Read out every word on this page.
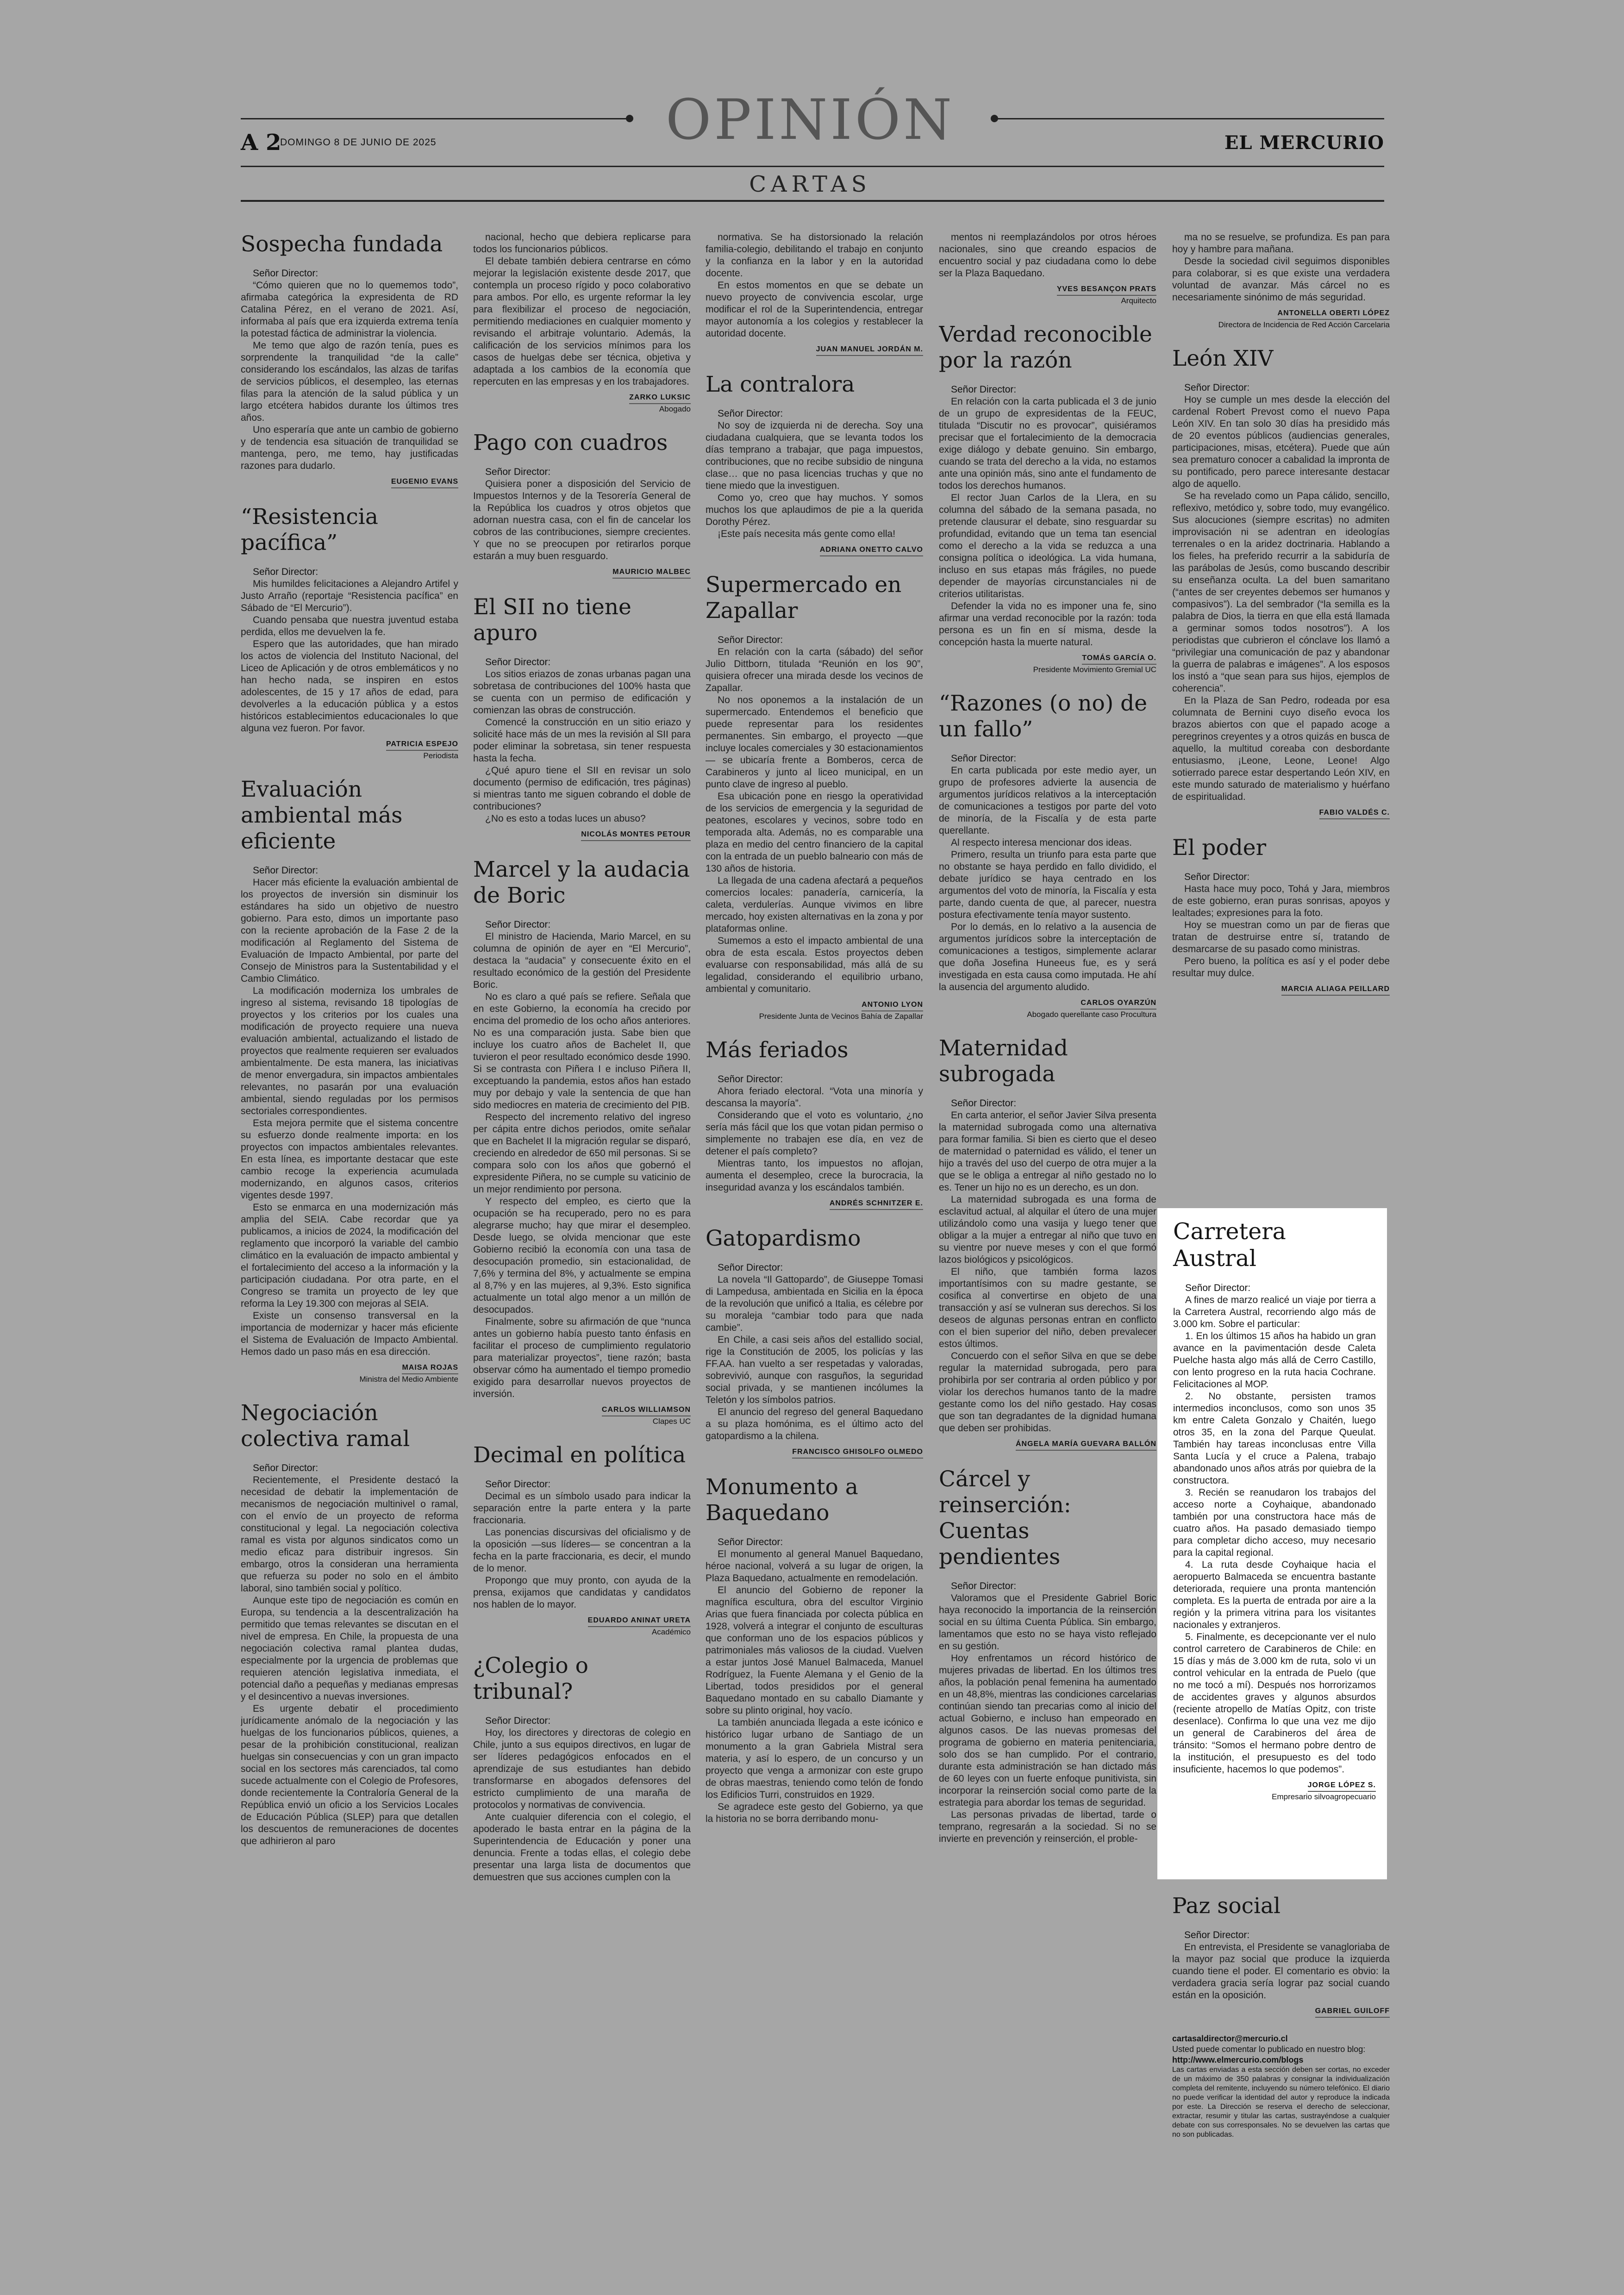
OPINIÓN
A 2
DOMINGO 8 DE JUNIO DE 2025	EL MERCURIO
CARTAS
Sospecha fundada

Señor Director:

“Cómo quieren que no lo quememos todo”, afirmaba categórica la expresidenta de RD Catalina Pérez, en el verano de 2021. Así, informaba al país que era izquierda extrema tenía la potestad fáctica de administrar la violencia.

Me temo que algo de razón tenía, pues es sorprendente la tranquilidad “de la calle” considerando los escándalos, las alzas de tarifas de servicios públicos, el desempleo, las eternas filas para la atención de la salud pública y un largo etcétera habidos durante los últimos tres años.

Uno esperaría que ante un cambio de gobierno y de tendencia esa situación de tranquilidad se mantenga, pero, me temo, hay justificadas razones para dudarlo.

EUGENIO EVANS
“Resistencia pacífica”

Señor Director:

Mis humildes felicitaciones a Alejandro Artifel y Justo Arraño (reportaje “Resistencia pacífica” en Sábado de “El Mercurio”).

Cuando pensaba que nuestra juventud estaba perdida, ellos me devuelven la fe.

Espero que las autoridades, que han mirado los actos de violencia del Instituto Nacional, del Liceo de Aplicación y de otros emblemáticos y no han hecho nada, se inspiren en estos adolescentes, de 15 y 17 años de edad, para devolverles a la educación pública y a estos históricos establecimientos educacionales lo que alguna vez fueron. Por favor.

PATRICIA ESPEJO
Periodista
Evaluación ambiental más eficiente

Señor Director:

Hacer más eficiente la evaluación ambiental de los proyectos de inversión sin disminuir los estándares ha sido un objetivo de nuestro gobierno. Para esto, dimos un importante paso con la reciente aprobación de la Fase 2 de la modificación al Reglamento del Sistema de Evaluación de Impacto Ambiental, por parte del Consejo de Ministros para la Sustentabilidad y el Cambio Climático.

La modificación moderniza los umbrales de ingreso al sistema, revisando 18 tipologías de proyectos y los criterios por los cuales una modificación de proyecto requiere una nueva evaluación ambiental, actualizando el listado de proyectos que realmente requieren ser evaluados ambientalmente. De esta manera, las iniciativas de menor envergadura, sin impactos ambientales relevantes, no pasarán por una evaluación ambiental, siendo reguladas por los permisos sectoriales correspondientes.

Esta mejora permite que el sistema concentre su esfuerzo donde realmente importa: en los proyectos con impactos ambientales relevantes. En esta línea, es importante destacar que este cambio recoge la experiencia acumulada modernizando, en algunos casos, criterios vigentes desde 1997.

Esto se enmarca en una modernización más amplia del SEIA. Cabe recordar que ya publicamos, a inicios de 2024, la modificación del reglamento que incorporó la variable del cambio climático en la evaluación de impacto ambiental y el fortalecimiento del acceso a la información y la participación ciudadana. Por otra parte, en el Congreso se tramita un proyecto de ley que reforma la Ley 19.300 con mejoras al SEIA.

Existe un consenso transversal en la importancia de modernizar y hacer más eficiente el Sistema de Evaluación de Impacto Ambiental. Hemos dado un paso más en esa dirección.

MAISA ROJAS
Ministra del Medio Ambiente
Negociación colectiva ramal

Señor Director:

Recientemente, el Presidente destacó la necesidad de debatir la implementación de mecanismos de negociación multinivel o ramal, con el envío de un proyecto de reforma constitucional y legal. La negociación colectiva ramal es vista por algunos sindicatos como un medio eficaz para distribuir ingresos. Sin embargo, otros la consideran una herramienta que refuerza su poder no solo en el ámbito laboral, sino también social y político.

Aunque este tipo de negociación es común en Europa, su tendencia a la descentralización ha permitido que temas relevantes se discutan en el nivel de empresa. En Chile, la propuesta de una negociación colectiva ramal plantea dudas, especialmente por la urgencia de problemas que requieren atención legislativa inmediata, el potencial daño a pequeñas y medianas empresas y el desincentivo a nuevas inversiones.

Es urgente debatir el procedimiento jurídicamente anómalo de la negociación y las huelgas de los funcionarios públicos, quienes, a pesar de la prohibición constitucional, realizan huelgas sin consecuencias y con un gran impacto social en los sectores más carenciados, tal como sucede actualmente con el Colegio de Profesores, donde recientemente la Contraloría General de la República envió un oficio a los Servicios Locales de Educación Pública (SLEP) para que detallen los descuentos de remuneraciones de docentes que adhirieron al paro

nacional, hecho que debiera replicarse para todos los funcionarios públicos.

El debate también debiera centrarse en cómo mejorar la legislación existente desde 2017, que contempla un proceso rígido y poco colaborativo para ambos. Por ello, es urgente reformar la ley para flexibilizar el proceso de negociación, permitiendo mediaciones en cualquier momento y revisando el arbitraje voluntario. Además, la calificación de los servicios mínimos para los casos de huelgas debe ser técnica, objetiva y adaptada a los cambios de la economía que repercuten en las empresas y en los trabajadores.

ZARKO LUKSIC
Abogado
Pago con cuadros

Señor Director:

Quisiera poner a disposición del Servicio de Impuestos Internos y de la Tesorería General de la República los cuadros y otros objetos que adornan nuestra casa, con el fin de cancelar los cobros de las contribuciones, siempre crecientes. Y que no se preocupen por retirarlos porque estarán a muy buen resguardo.

MAURICIO MALBEC
El SII no tiene apuro

Señor Director:

Los sitios eriazos de zonas urbanas pagan una sobretasa de contribuciones del 100% hasta que se cuenta con un permiso de edificación y comienzan las obras de construcción.

Comencé la construcción en un sitio eriazo y solicité hace más de un mes la revisión al SII para poder eliminar la sobretasa, sin tener respuesta hasta la fecha.

¿Qué apuro tiene el SII en revisar un solo documento (permiso de edificación, tres páginas) si mientras tanto me siguen cobrando el doble de contribuciones?

¿No es esto a todas luces un abuso?

NICOLÁS MONTES PETOUR
Marcel y la audacia de Boric

Señor Director:

El ministro de Hacienda, Mario Marcel, en su columna de opinión de ayer en “El Mercurio”, destaca la “audacia” y consecuente éxito en el resultado económico de la gestión del Presidente Boric.

No es claro a qué país se refiere. Señala que en este Gobierno, la economía ha crecido por encima del promedio de los ocho años anteriores. No es una comparación justa. Sabe bien que incluye los cuatro años de Bachelet II, que tuvieron el peor resultado económico desde 1990. Si se contrasta con Piñera I e incluso Piñera II, exceptuando la pandemia, estos años han estado muy por debajo y vale la sentencia de que han sido mediocres en materia de crecimiento del PIB.

Respecto del incremento relativo del ingreso per cápita entre dichos periodos, omite señalar que en Bachelet II la migración regular se disparó, creciendo en alrededor de 650 mil personas. Si se compara solo con los años que gobernó el expresidente Piñera, no se cumple su vaticinio de un mejor rendimiento por persona.

Y respecto del empleo, es cierto que la ocupación se ha recuperado, pero no es para alegrarse mucho; hay que mirar el desempleo. Desde luego, se olvida mencionar que este Gobierno recibió la economía con una tasa de desocupación promedio, sin estacionalidad, de 7,6% y termina del 8%, y actualmente se empina al 8,7% y en las mujeres, al 9,3%. Esto significa actualmente un total algo menor a un millón de desocupados.

Finalmente, sobre su afirmación de que “nunca antes un gobierno había puesto tanto énfasis en facilitar el proceso de cumplimiento regulatorio para materializar proyectos”, tiene razón; basta observar cómo ha aumentado el tiempo promedio exigido para desarrollar nuevos proyectos de inversión.

CARLOS WILLIAMSON
Clapes UC
Decimal en política

Señor Director:

Decimal es un símbolo usado para indicar la separación entre la parte entera y la parte fraccionaria.

Las ponencias discursivas del oficialismo y de la oposición —sus líderes— se concentran a la fecha en la parte fraccionaria, es decir, el mundo de lo menor.

Propongo que muy pronto, con ayuda de la prensa, exijamos que candidatas y candidatos nos hablen de lo mayor.

EDUARDO ANINAT URETA
Académico
¿Colegio o tribunal?

Señor Director:

Hoy, los directores y directoras de colegio en Chile, junto a sus equipos directivos, en lugar de ser líderes pedagógicos enfocados en el aprendizaje de sus estudiantes han debido transformarse en abogados defensores del estricto cumplimiento de una maraña de protocolos y normativas de convivencia.

Ante cualquier diferencia con el colegio, el apoderado le basta entrar en la página de la Superintendencia de Educación y poner una denuncia. Frente a todas ellas, el colegio debe presentar una larga lista de documentos que demuestren que sus acciones cumplen con la

normativa. Se ha distorsionado la relación familia-colegio, debilitando el trabajo en conjunto y la confianza en la labor y en la autoridad docente.

En estos momentos en que se debate un nuevo proyecto de convivencia escolar, urge modificar el rol de la Superintendencia, entregar mayor autonomía a los colegios y restablecer la autoridad docente.

JUAN MANUEL JORDÁN M.
La contralora

Señor Director:

No soy de izquierda ni de derecha. Soy una ciudadana cualquiera, que se levanta todos los días temprano a trabajar, que paga impuestos, contribuciones, que no recibe subsidio de ninguna clase… que no pasa licencias truchas y que no tiene miedo que la investiguen.

Como yo, creo que hay muchos. Y somos muchos los que aplaudimos de pie a la querida Dorothy Pérez.

¡Este país necesita más gente como ella!

ADRIANA ONETTO CALVO
Supermercado en Zapallar

Señor Director:

En relación con la carta (sábado) del señor Julio Dittborn, titulada “Reunión en los 90”, quisiera ofrecer una mirada desde los vecinos de Zapallar.

No nos oponemos a la instalación de un supermercado. Entendemos el beneficio que puede representar para los residentes permanentes. Sin embargo, el proyecto —que incluye locales comerciales y 30 estacionamientos— se ubicaría frente a Bomberos, cerca de Carabineros y junto al liceo municipal, en un punto clave de ingreso al pueblo.

Esa ubicación pone en riesgo la operatividad de los servicios de emergencia y la seguridad de peatones, escolares y vecinos, sobre todo en temporada alta. Además, no es comparable una plaza en medio del centro financiero de la capital con la entrada de un pueblo balneario con más de 130 años de historia.

La llegada de una cadena afectará a pequeños comercios locales: panadería, carnicería, la caleta, verdulerías. Aunque vivimos en libre mercado, hoy existen alternativas en la zona y por plataformas online.

Sumemos a esto el impacto ambiental de una obra de esta escala. Estos proyectos deben evaluarse con responsabilidad, más allá de su legalidad, considerando el equilibrio urbano, ambiental y comunitario.

ANTONIO LYON
Presidente Junta de Vecinos Bahía de Zapallar
Más feriados

Señor Director:

Ahora feriado electoral. “Vota una minoría y descansa la mayoría”.

Considerando que el voto es voluntario, ¿no sería más fácil que los que votan pidan permiso o simplemente no trabajen ese día, en vez de detener el país completo?

Mientras tanto, los impuestos no aflojan, aumenta el desempleo, crece la burocracia, la inseguridad avanza y los escándalos también.

ANDRÉS SCHNITZER E.
Gatopardismo

Señor Director:

La novela “Il Gattopardo”, de Giuseppe Tomasi di Lampedusa, ambientada en Sicilia en la época de la revolución que unificó a Italia, es célebre por su moraleja “cambiar todo para que nada cambie”.

En Chile, a casi seis años del estallido social, rige la Constitución de 2005, los policías y las FF.AA. han vuelto a ser respetadas y valoradas, sobrevivió, aunque con rasguños, la seguridad social privada, y se mantienen incólumes la Teletón y los símbolos patrios.

El anuncio del regreso del general Baquedano a su plaza homónima, es el último acto del gatopardismo a la chilena.

FRANCISCO GHISOLFO OLMEDO
Monumento a Baquedano

Señor Director:

El monumento al general Manuel Baquedano, héroe nacional, volverá a su lugar de origen, la Plaza Baquedano, actualmente en remodelación.

El anuncio del Gobierno de reponer la magnífica escultura, obra del escultor Virginio Arias que fuera financiada por colecta pública en 1928, volverá a integrar el conjunto de esculturas que conforman uno de los espacios públicos y patrimoniales más valiosos de la ciudad. Vuelven a estar juntos José Manuel Balmaceda, Manuel Rodríguez, la Fuente Alemana y el Genio de la Libertad, todos presididos por el general Baquedano montado en su caballo Diamante y sobre su plinto original, hoy vacío.

La también anunciada llegada a este icónico e histórico lugar urbano de Santiago de un monumento a la gran Gabriela Mistral sera materia, y así lo espero, de un concurso y un proyecto que venga a armonizar con este grupo de obras maestras, teniendo como telón de fondo los Edificios Turri, construidos en 1929.

Se agradece este gesto del Gobierno, ya que la historia no se borra derribando monu-

mentos ni reemplazándolos por otros héroes nacionales, sino que creando espacios de encuentro social y paz ciudadana como lo debe ser la Plaza Baquedano.

YVES BESANÇON PRATS
Arquitecto
Verdad reconocible por la razón

Señor Director:

En relación con la carta publicada el 3 de junio de un grupo de expresidentas de la FEUC, titulada “Discutir no es provocar”, quisiéramos precisar que el fortalecimiento de la democracia exige diálogo y debate genuino. Sin embargo, cuando se trata del derecho a la vida, no estamos ante una opinión más, sino ante el fundamento de todos los derechos humanos.

El rector Juan Carlos de la Llera, en su columna del sábado de la semana pasada, no pretende clausurar el debate, sino resguardar su profundidad, evitando que un tema tan esencial como el derecho a la vida se reduzca a una consigna política o ideológica. La vida humana, incluso en sus etapas más frágiles, no puede depender de mayorías circunstanciales ni de criterios utilitaristas.

Defender la vida no es imponer una fe, sino afirmar una verdad reconocible por la razón: toda persona es un fin en sí misma, desde la concepción hasta la muerte natural.

TOMÁS GARCÍA O.
Presidente Movimiento Gremial UC
“Razones (o no) de un fallo”

Señor Director:

En carta publicada por este medio ayer, un grupo de profesores advierte la ausencia de argumentos jurídicos relativos a la interceptación de comunicaciones a testigos por parte del voto de minoría, de la Fiscalía y de esta parte querellante.

Al respecto interesa mencionar dos ideas.

Primero, resulta un triunfo para esta parte que no obstante se haya perdido en fallo dividido, el debate jurídico se haya centrado en los argumentos del voto de minoría, la Fiscalía y esta parte, dando cuenta de que, al parecer, nuestra postura efectivamente tenía mayor sustento.

Por lo demás, en lo relativo a la ausencia de argumentos jurídicos sobre la interceptación de comunicaciones a testigos, simplemente aclarar que doña Josefina Huneeus fue, es y será investigada en esta causa como imputada. He ahí la ausencia del argumento aludido.

CARLOS OYARZÚN
Abogado querellante caso Procultura
Maternidad subrogada

Señor Director:

En carta anterior, el señor Javier Silva presenta la maternidad subrogada como una alternativa para formar familia. Si bien es cierto que el deseo de maternidad o paternidad es válido, el tener un hijo a través del uso del cuerpo de otra mujer a la que se le obliga a entregar al niño gestado no lo es. Tener un hijo no es un derecho, es un don.

La maternidad subrogada es una forma de esclavitud actual, al alquilar el útero de una mujer utilizándolo como una vasija y luego tener que obligar a la mujer a entregar al niño que tuvo en su vientre por nueve meses y con el que formó lazos biológicos y psicológicos.

El niño, que también forma lazos importantísimos con su madre gestante, se cosifica al convertirse en objeto de una transacción y así se vulneran sus derechos. Si los deseos de algunas personas entran en conflicto con el bien superior del niño, deben prevalecer estos últimos.

Concuerdo con el señor Silva en que se debe regular la maternidad subrogada, pero para prohibirla por ser contraria al orden público y por violar los derechos humanos tanto de la madre gestante como los del niño gestado. Hay cosas que son tan degradantes de la dignidad humana que deben ser prohibidas.

ÁNGELA MARÍA GUEVARA BALLÓN
Cárcel y reinserción: Cuentas pendientes

Señor Director:

Valoramos que el Presidente Gabriel Boric haya reconocido la importancia de la reinserción social en su última Cuenta Pública. Sin embargo, lamentamos que esto no se haya visto reflejado en su gestión.

Hoy enfrentamos un récord histórico de mujeres privadas de libertad. En los últimos tres años, la población penal femenina ha aumentado en un 48,8%, mientras las condiciones carcelarias continúan siendo tan precarias como al inicio del actual Gobierno, e incluso han empeorado en algunos casos. De las nuevas promesas del programa de gobierno en materia penitenciaria, solo dos se han cumplido. Por el contrario, durante esta administración se han dictado más de 60 leyes con un fuerte enfoque punitivista, sin incorporar la reinserción social como parte de la estrategia para abordar los temas de seguridad.

Las personas privadas de libertad, tarde o temprano, regresarán a la sociedad. Si no se invierte en prevención y reinserción, el proble-

ma no se resuelve, se profundiza. Es pan para hoy y hambre para mañana.

Desde la sociedad civil seguimos disponibles para colaborar, si es que existe una verdadera voluntad de avanzar. Más cárcel no es necesariamente sinónimo de más seguridad.

ANTONELLA OBERTI LÓPEZ
Directora de Incidencia de Red Acción Carcelaria
León XIV

Señor Director:

Hoy se cumple un mes desde la elección del cardenal Robert Prevost como el nuevo Papa León XIV. En tan solo 30 días ha presidido más de 20 eventos públicos (audiencias generales, participaciones, misas, etcétera). Puede que aún sea prematuro conocer a cabalidad la impronta de su pontificado, pero parece interesante destacar algo de aquello.

Se ha revelado como un Papa cálido, sencillo, reflexivo, metódico y, sobre todo, muy evangélico. Sus alocuciones (siempre escritas) no admiten improvisación ni se adentran en ideologías terrenales o en la aridez doctrinaria. Hablando a los fieles, ha preferido recurrir a la sabiduría de las parábolas de Jesús, como buscando describir su enseñanza oculta. La del buen samaritano (“antes de ser creyentes debemos ser humanos y compasivos”). La del sembrador (“la semilla es la palabra de Dios, la tierra en que ella está llamada a germinar somos todos nosotros”). A los periodistas que cubrieron el cónclave los llamó a “privilegiar una comunicación de paz y abandonar la guerra de palabras e imágenes”. A los esposos los instó a “que sean para sus hijos, ejemplos de coherencia”.

En la Plaza de San Pedro, rodeada por esa columnata de Bernini cuyo diseño evoca los brazos abiertos con que el papado acoge a peregrinos creyentes y a otros quizás en busca de aquello, la multitud coreaba con desbordante entusiasmo, ¡Leone, Leone, Leone! Algo sotierrado parece estar despertando León XIV, en este mundo saturado de materialismo y huérfano de espiritualidad.

FABIO VALDÉS C.
El poder

Señor Director:

Hasta hace muy poco, Tohá y Jara, miembros de este gobierno, eran puras sonrisas, apoyos y lealtades; expresiones para la foto.

Hoy se muestran como un par de fieras que tratan de destruirse entre sí, tratando de desmarcarse de su pasado como ministras.

Pero bueno, la política es así y el poder debe resultar muy dulce.

MARCIA ALIAGA PEILLARD
Carretera Austral

Señor Director:

A fines de marzo realicé un viaje por tierra a la Carretera Austral, recorriendo algo más de 3.000 km. Sobre el particular:

1. En los últimos 15 años ha habido un gran avance en la pavimentación desde Caleta Puelche hasta algo más allá de Cerro Castillo, con lento progreso en la ruta hacia Cochrane. Felicitaciones al MOP.

2. No obstante, persisten tramos intermedios inconclusos, como son unos 35 km entre Caleta Gonzalo y Chaitén, luego otros 35, en la zona del Parque Queulat. También hay tareas inconclusas entre Villa Santa Lucía y el cruce a Palena, trabajo abandonado unos años atrás por quiebra de la constructora.

3. Recién se reanudaron los trabajos del acceso norte a Coyhaique, abandonado también por una constructora hace más de cuatro años. Ha pasado demasiado tiempo para completar dicho acceso, muy necesario para la capital regional.

4. La ruta desde Coyhaique hacia el aeropuerto Balmaceda se encuentra bastante deteriorada, requiere una pronta mantención completa. Es la puerta de entrada por aire a la región y la primera vitrina para los visitantes nacionales y extranjeros.

5. Finalmente, es decepcionante ver el nulo control carretero de Carabineros de Chile: en 15 días y más de 3.000 km de ruta, solo vi un control vehicular en la entrada de Puelo (que no me tocó a mí). Después nos horrorizamos de accidentes graves y algunos absurdos (reciente atropello de Matías Opitz, con triste desenlace). Confirma lo que una vez me dijo un general de Carabineros del área de tránsito: “Somos el hermano pobre dentro de la institución, el presupuesto es del todo insuficiente, hacemos lo que podemos”.

JORGE LÓPEZ S.
Empresario silvoagropecuario
Paz social

Señor Director:

En entrevista, el Presidente se vanagloriaba de la mayor paz social que produce la izquierda cuando tiene el poder. El comentario es obvio: la verdadera gracia sería lograr paz social cuando están en la oposición.

GABRIEL GUILOFF
cartasaldirector@mercurio.cl
Usted puede comentar lo publicado en nuestro blog:
http://www.elmercurio.com/blogs
Las cartas enviadas a esta sección deben ser cortas, no exceder de un máximo de 350 palabras y consignar la individualización completa del remitente, incluyendo su número telefónico. El diario no puede verificar la identidad del autor y reproduce la indicada por este. La Dirección se reserva el derecho de seleccionar, extractar, resumir y titular las cartas, sustrayéndose a cualquier debate con sus corresponsales. No se devuelven las cartas que no son publicadas.
